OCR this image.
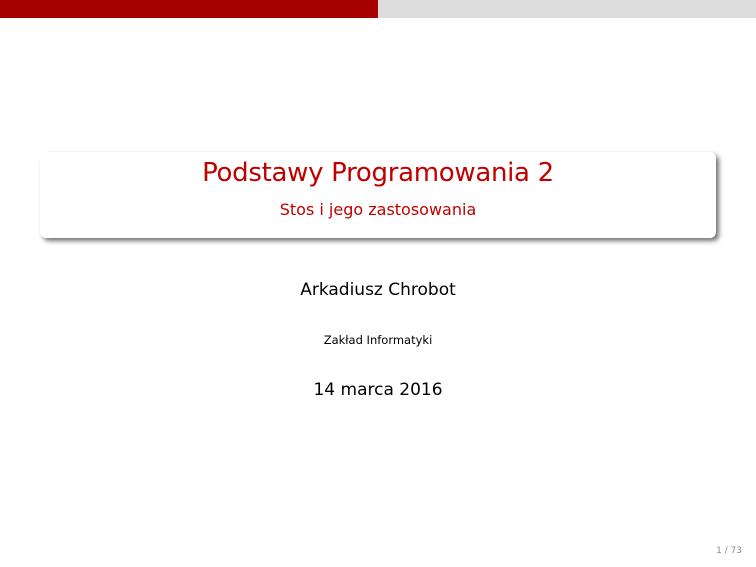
Podstawy Programowania 2
Stos i jego zastosowania
Arkadiusz Chrobot
Zakład Informatyki
14 marca 2016
1 / 73
